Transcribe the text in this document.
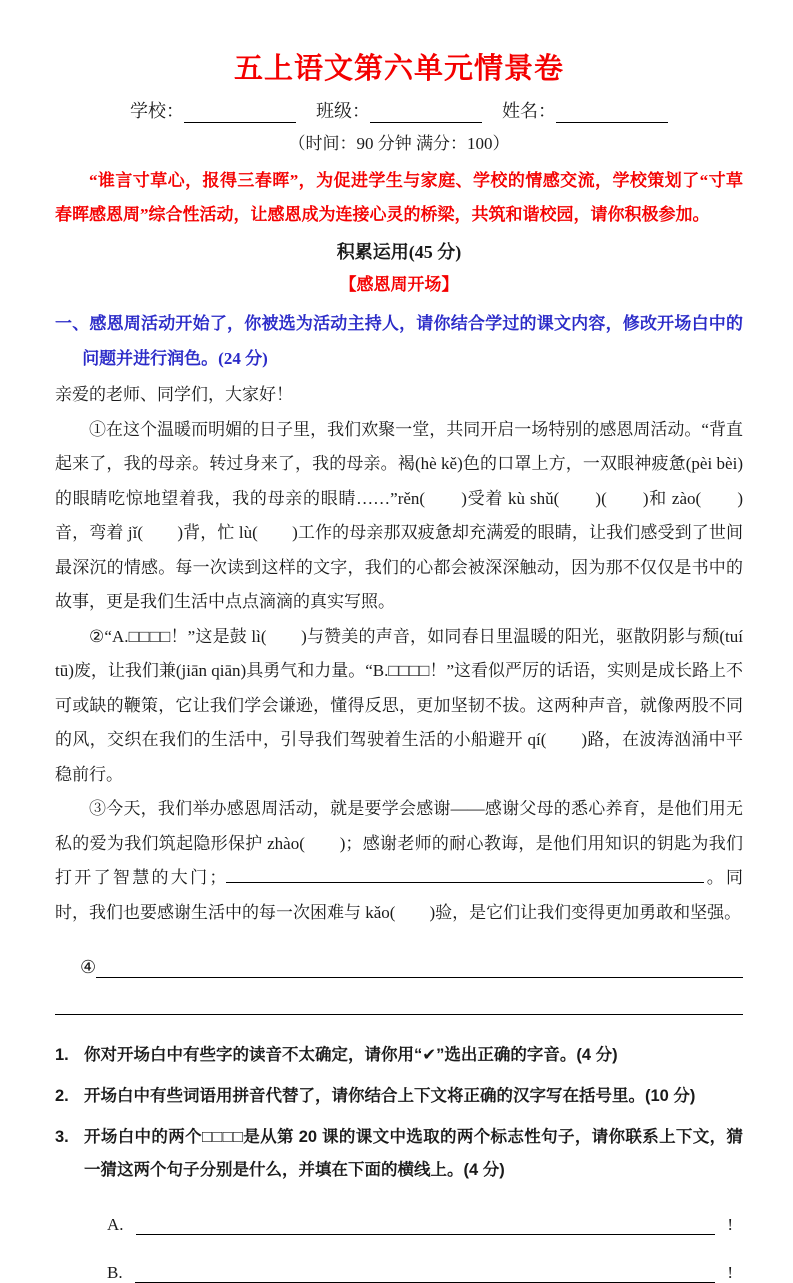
五上语文第六单元情景卷
学校：	班级：	姓名：
（时间：90 分钟 满分：100）
“谁言寸草心，报得三春晖”，为促进学生与家庭、学校的情感交流，学校策划了“寸草春晖感恩周”综合性活动，让感恩成为连接心灵的桥梁，共筑和谐校园，请你积极参加。
积累运用(45 分)
【感恩周开场】
一、感恩周活动开始了，你被选为活动主持人，请你结合学过的课文内容，修改开场白中的问题并进行润色。(24 分)

亲爱的老师、同学们，大家好！

①在这个温暖而明媚的日子里，我们欢聚一堂，共同开启一场特别的感恩周活动。“背直起来了，我的母亲。转过身来了，我的母亲。褐(hè kě)色的口罩上方，一双眼神疲惫(pèi bèi)的眼睛吃惊地望着我，我的母亲的眼睛……”rěn(　　)受着 kù shǔ(　　)(　　)和 zào(　　)音，弯着 jǐ(　　)背，忙 lù(　　)工作的母亲那双疲惫却充满爱的眼睛，让我们感受到了世间最深沉的情感。每一次读到这样的文字，我们的心都会被深深触动，因为那不仅仅是书中的故事，更是我们生活中点点滴滴的真实写照。

②“A.□□□□！”这是鼓 lì(　　)与赞美的声音，如同春日里温暖的阳光，驱散阴影与颓(tuí tū)废，让我们兼(jiān qiān)具勇气和力量。“B.□□□□！”这看似严厉的话语，实则是成长路上不可或缺的鞭策，它让我们学会谦逊，懂得反思，更加坚韧不拔。这两种声音，就像两股不同的风，交织在我们的生活中，引导我们驾驶着生活的小船避开 qí(　　)路，在波涛汹涌中平稳前行。

③今天，我们举办感恩周活动，就是要学会感谢——感谢父母的悉心养育，是他们用无私的爱为我们筑起隐形保护 zhào(　　)；感谢老师的耐心教诲，是他们用知识的钥匙为我们打开了智慧的大门；	。同时，我们也要感谢生活中的每一次困难与 kǎo(　　)验，是它们让我们变得更加勇敢和坚强。

④
1. 你对开场白中有些字的读音不太确定，请你用“✔”选出正确的字音。(4 分)
2. 开场白中有些词语用拼音代替了，请你结合上下文将正确的汉字写在括号里。(10 分)
3. 开场白中的两个□□□□是从第 20 课的课文中选取的两个标志性句子，请你联系上下文，猜一猜这两个句子分别是什么，并填在下面的横线上。(4 分)
A.	!
B.	!
